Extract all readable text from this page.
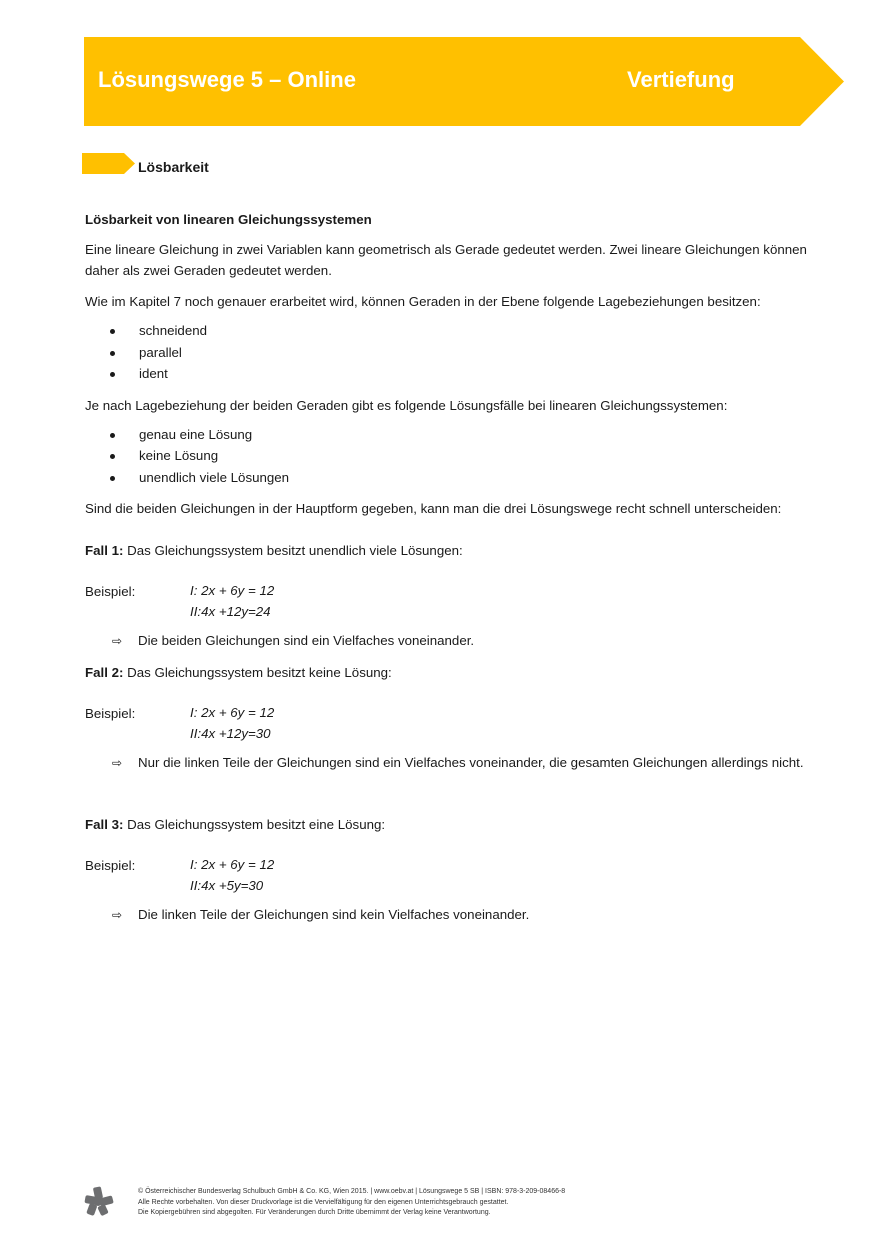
Lösungswege 5 – Online	Vertiefung
Lösbarkeit
Lösbarkeit von linearen Gleichungssystemen
Eine lineare Gleichung in zwei Variablen kann geometrisch als Gerade gedeutet werden. Zwei lineare Gleichungen können
daher als zwei Geraden gedeutet werden.
Wie im Kapitel 7 noch genauer erarbeitet wird, können Geraden in der Ebene folgende Lagebeziehungen besitzen:
schneidend
parallel
ident
Je nach Lagebeziehung der beiden Geraden gibt es folgende Lösungsfälle bei linearen Gleichungssystemen:
genau eine Lösung
keine Lösung
unendlich viele Lösungen
Sind die beiden Gleichungen in der Hauptform gegeben, kann man die drei Lösungswege recht schnell unterscheiden:
Fall 1: Das Gleichungssystem besitzt unendlich viele Lösungen:
Beispiel:	I: 2x + 6y = 12
II:4x +12y=24
⇨ Die beiden Gleichungen sind ein Vielfaches voneinander.
Fall 2: Das Gleichungssystem besitzt keine Lösung:
Beispiel:	I: 2x + 6y = 12
II:4x +12y=30
⇨ Nur die linken Teile der Gleichungen sind ein Vielfaches voneinander, die gesamten Gleichungen allerdings nicht.
Fall 3: Das Gleichungssystem besitzt eine Lösung:
Beispiel:	I: 2x + 6y = 12
II:4x +5y=30
⇨ Die linken Teile der Gleichungen sind kein Vielfaches voneinander.
© Österreichischer Bundesverlag Schulbuch GmbH & Co. KG, Wien 2015. | www.oebv.at | Lösungswege 5 SB | ISBN: 978-3-209-08466-8
Alle Rechte vorbehalten. Von dieser Druckvorlage ist die Vervielfältigung für den eigenen Unterrichtsgebrauch gestattet.
Die Kopiergebühren sind abgegolten. Für Veränderungen durch Dritte übernimmt der Verlag keine Verantwortung.
